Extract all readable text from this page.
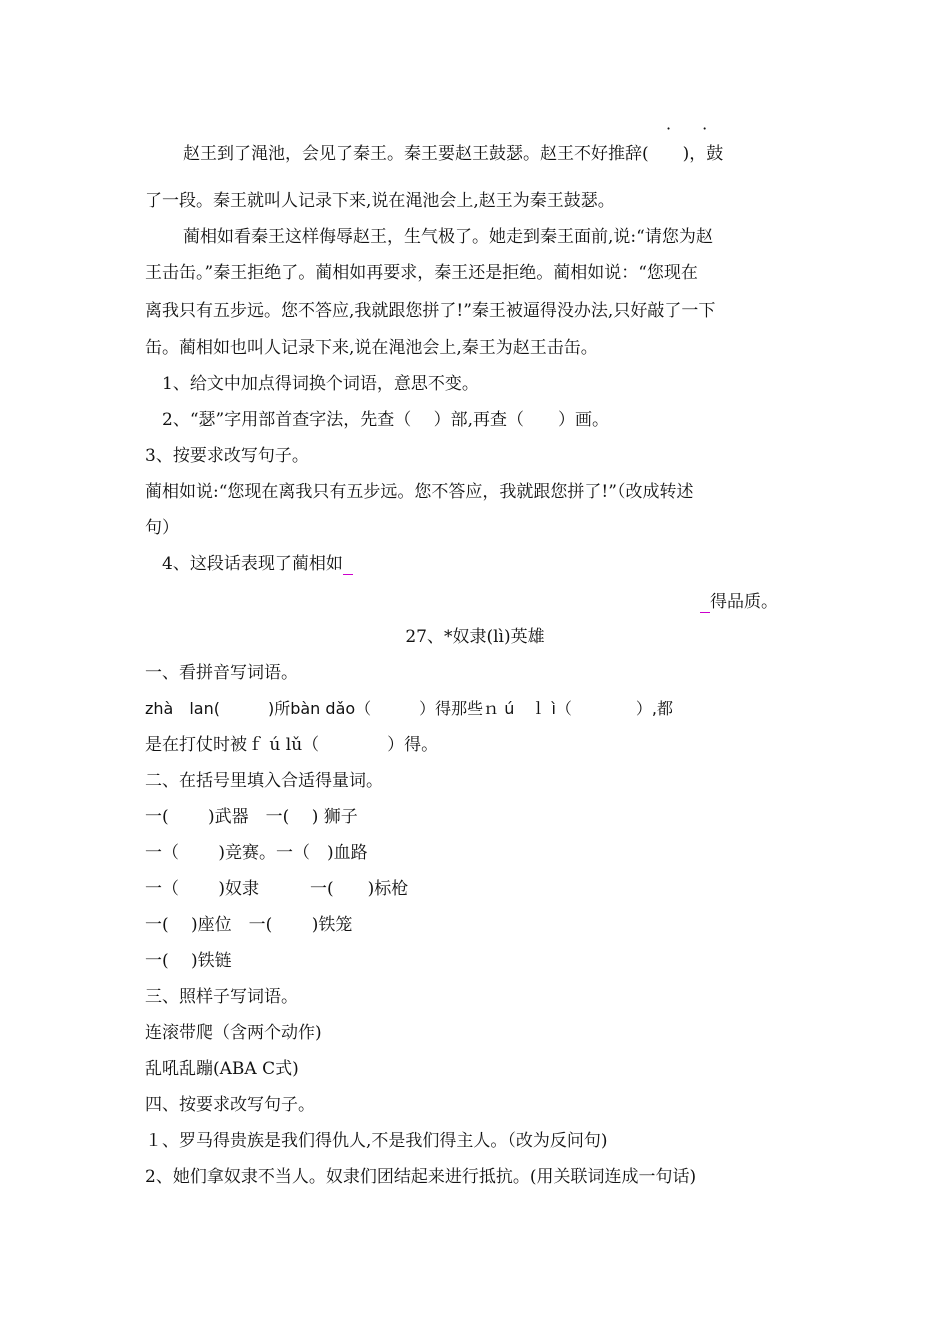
· ·
赵王到了渑池，会见了秦王。秦王要赵王鼓瑟。赵王不好推辞(　　)，鼓
了一段。秦王就叫人记录下来,说在渑池会上,赵王为秦王鼓瑟。
蔺相如看秦王这样侮辱赵王，生气极了。她走到秦王面前,说:“请您为赵
王击缶。”秦王拒绝了。蔺相如再要求，秦王还是拒绝。蔺相如说：“您现在
离我只有五步远。您不答应,我就跟您拼了!”秦王被逼得没办法,只好敲了一下
缶。蔺相如也叫人记录下来,说在渑池会上,秦王为赵王击缶。
1、给文中加点得词换个词语，意思不变。
2、“瑟”字用部首查字法，先查（　 ）部,再查（　　）画。
3、按要求改写句子。
蔺相如说:“您现在离我只有五步远。您不答应，我就跟您拼了!”（改成转述
句）
4、这段话表现了蔺相如
得品质。
27、*奴隶(lì)英雄
一、看拼音写词语。
zhà　lan(　　　)所bàn dǎo（　　　）得那些ｎ ú　ｌ ì（　　　　）,都
是在打仗时被ｆ ú lǔ（　　　　）得。
二、在括号里填入合适得量词。
一(　　 )武器　一(　 ) 狮子
一（　　 )竞赛。一（　)血路
一（　　 )奴隶　　　一(　　)标枪
一(　 )座位　一(　　 )铁笼
一(　 )铁链
三、照样子写词语。
连滚带爬（含两个动作)
乱吼乱蹦(ABA C式)
四、按要求改写句子。
１、罗马得贵族是我们得仇人,不是我们得主人。（改为反问句)
2、她们拿奴隶不当人。奴隶们团结起来进行抵抗。(用关联词连成一句话)
